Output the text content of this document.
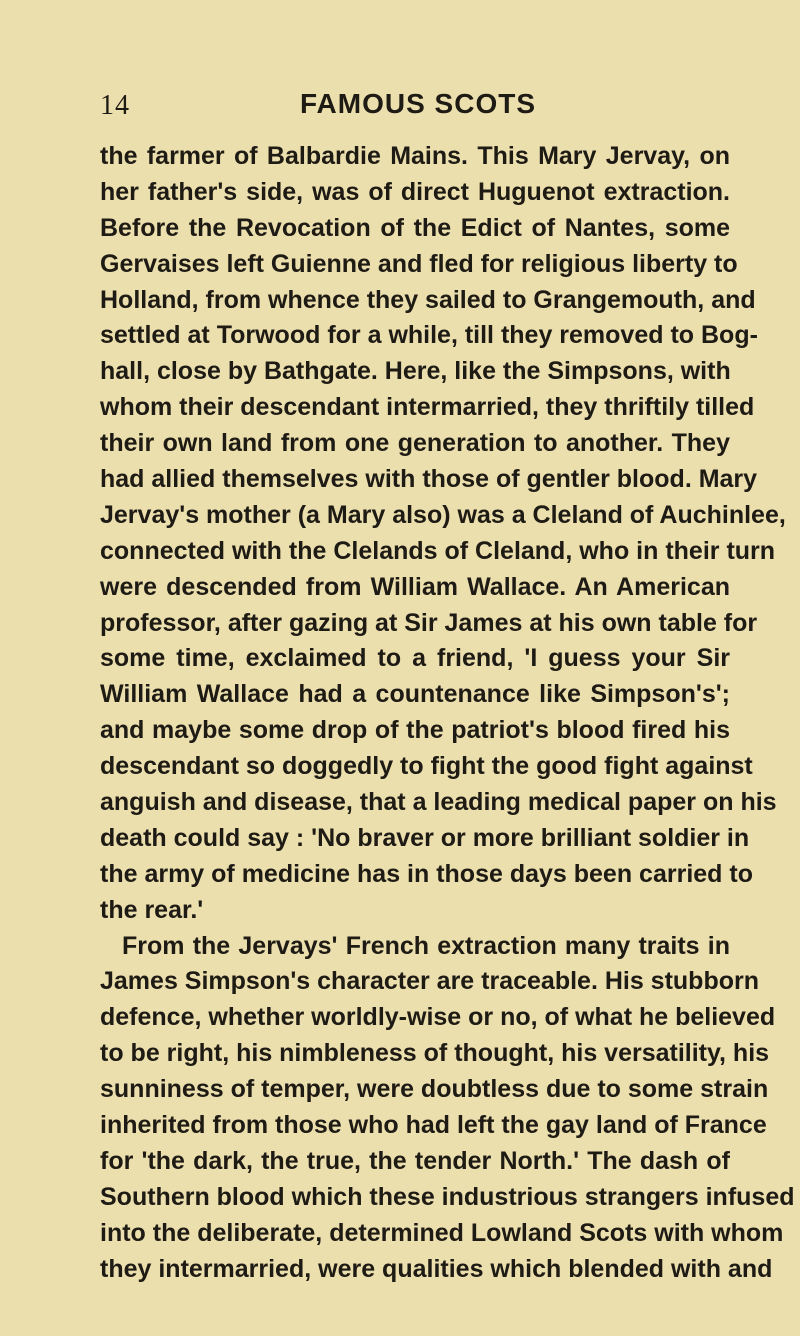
14	FAMOUS SCOTS
the farmer of Balbardie Mains. This Mary Jervay, on
her father's side, was of direct Huguenot extraction.
Before the Revocation of the Edict of Nantes, some
Gervaises left Guienne and fled for religious liberty to
Holland, from whence they sailed to Grangemouth, and
settled at Torwood for a while, till they removed to Bog-
hall, close by Bathgate. Here, like the Simpsons, with
whom their descendant intermarried, they thriftily tilled
their own land from one generation to another. They
had allied themselves with those of gentler blood. Mary
Jervay's mother (a Mary also) was a Cleland of Auchinlee,
connected with the Clelands of Cleland, who in their turn
were descended from William Wallace. An American
professor, after gazing at Sir James at his own table for
some time, exclaimed to a friend, 'I guess your Sir
William Wallace had a countenance like Simpson's';
and maybe some drop of the patriot's blood fired his
descendant so doggedly to fight the good fight against
anguish and disease, that a leading medical paper on his
death could say : 'No braver or more brilliant soldier in
the army of medicine has in those days been carried to
the rear.'
From the Jervays' French extraction many traits in
James Simpson's character are traceable. His stubborn
defence, whether worldly-wise or no, of what he believed
to be right, his nimbleness of thought, his versatility, his
sunniness of temper, were doubtless due to some strain
inherited from those who had left the gay land of France
for 'the dark, the true, the tender North.' The dash of
Southern blood which these industrious strangers infused
into the deliberate, determined Lowland Scots with whom
they intermarried, were qualities which blended with and
